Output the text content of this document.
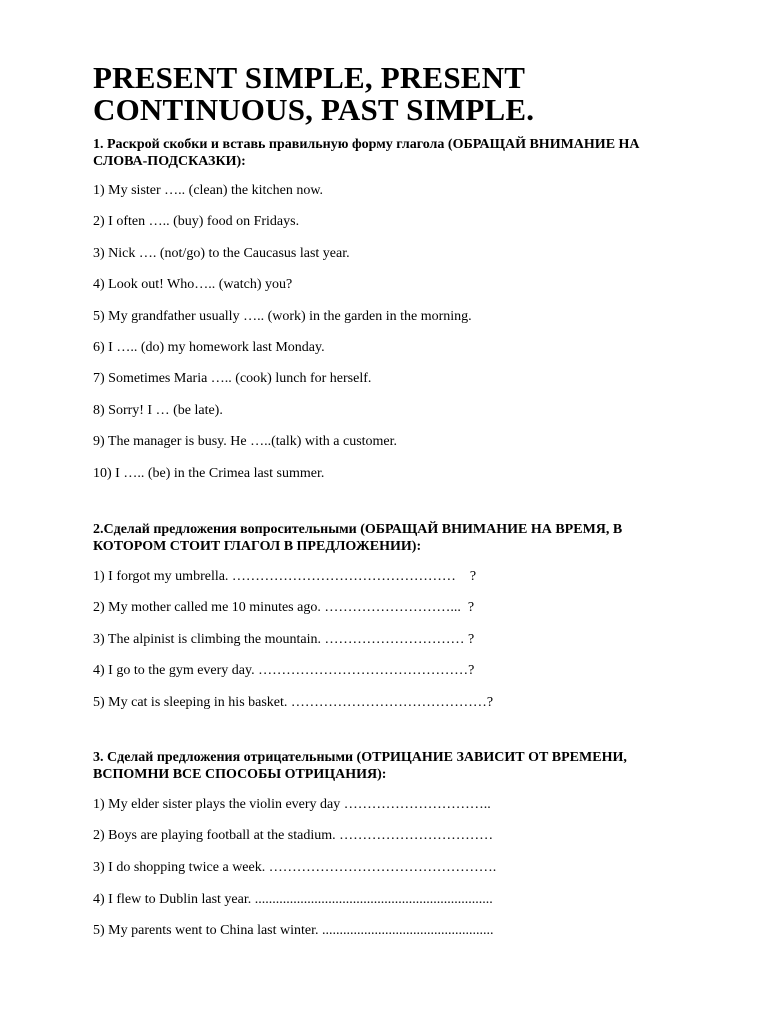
PRESENT SIMPLE, PRESENT CONTINUOUS, PAST SIMPLE.

1. Раскрой скобки и вставь правильную форму глагола (ОБРАЩАЙ ВНИМАНИЕ НА СЛОВА-ПОДСКАЗКИ):

1) My sister ….. (clean) the kitchen now.

2) I often ….. (buy) food on Fridays.

3) Nick …. (not/go) to the Caucasus last year.

4) Look out! Who….. (watch) you?

5) My grandfather usually ….. (work) in the garden in the morning.

6) I ….. (do) my homework last Monday.

7) Sometimes Maria ….. (cook) lunch for herself.

8) Sorry! I … (be late).

9) The manager is busy. He …..(talk) with a customer.

10) I ….. (be) in the Crimea last summer.

2.Сделай предложения вопросительными (ОБРАЩАЙ ВНИМАНИЕ НА ВРЕМЯ, В КОТОРОМ СТОИТ ГЛАГОЛ В ПРЕДЛОЖЕНИИ):

1) I forgot my umbrella. …………………………………………    ?

2) My mother called me 10 minutes ago. ………………………...  ?

3) The alpinist is climbing the mountain. ………………………… ?

4) I go to the gym every day. ………………………………………?

5) My cat is sleeping in his basket. ……………………………………?

3. Сделай предложения отрицательными (ОТРИЦАНИЕ ЗАВИСИТ ОТ ВРЕМЕНИ, ВСПОМНИ ВСЕ СПОСОБЫ ОТРИЦАНИЯ):

1) My elder sister plays the violin every day …………………………..

2) Boys are playing football at the stadium. ……………………………

3) I do shopping twice a week. ………………………………………….

4) I flew to Dublin last year. ....................................................................

5) My parents went to China last winter. .................................................
